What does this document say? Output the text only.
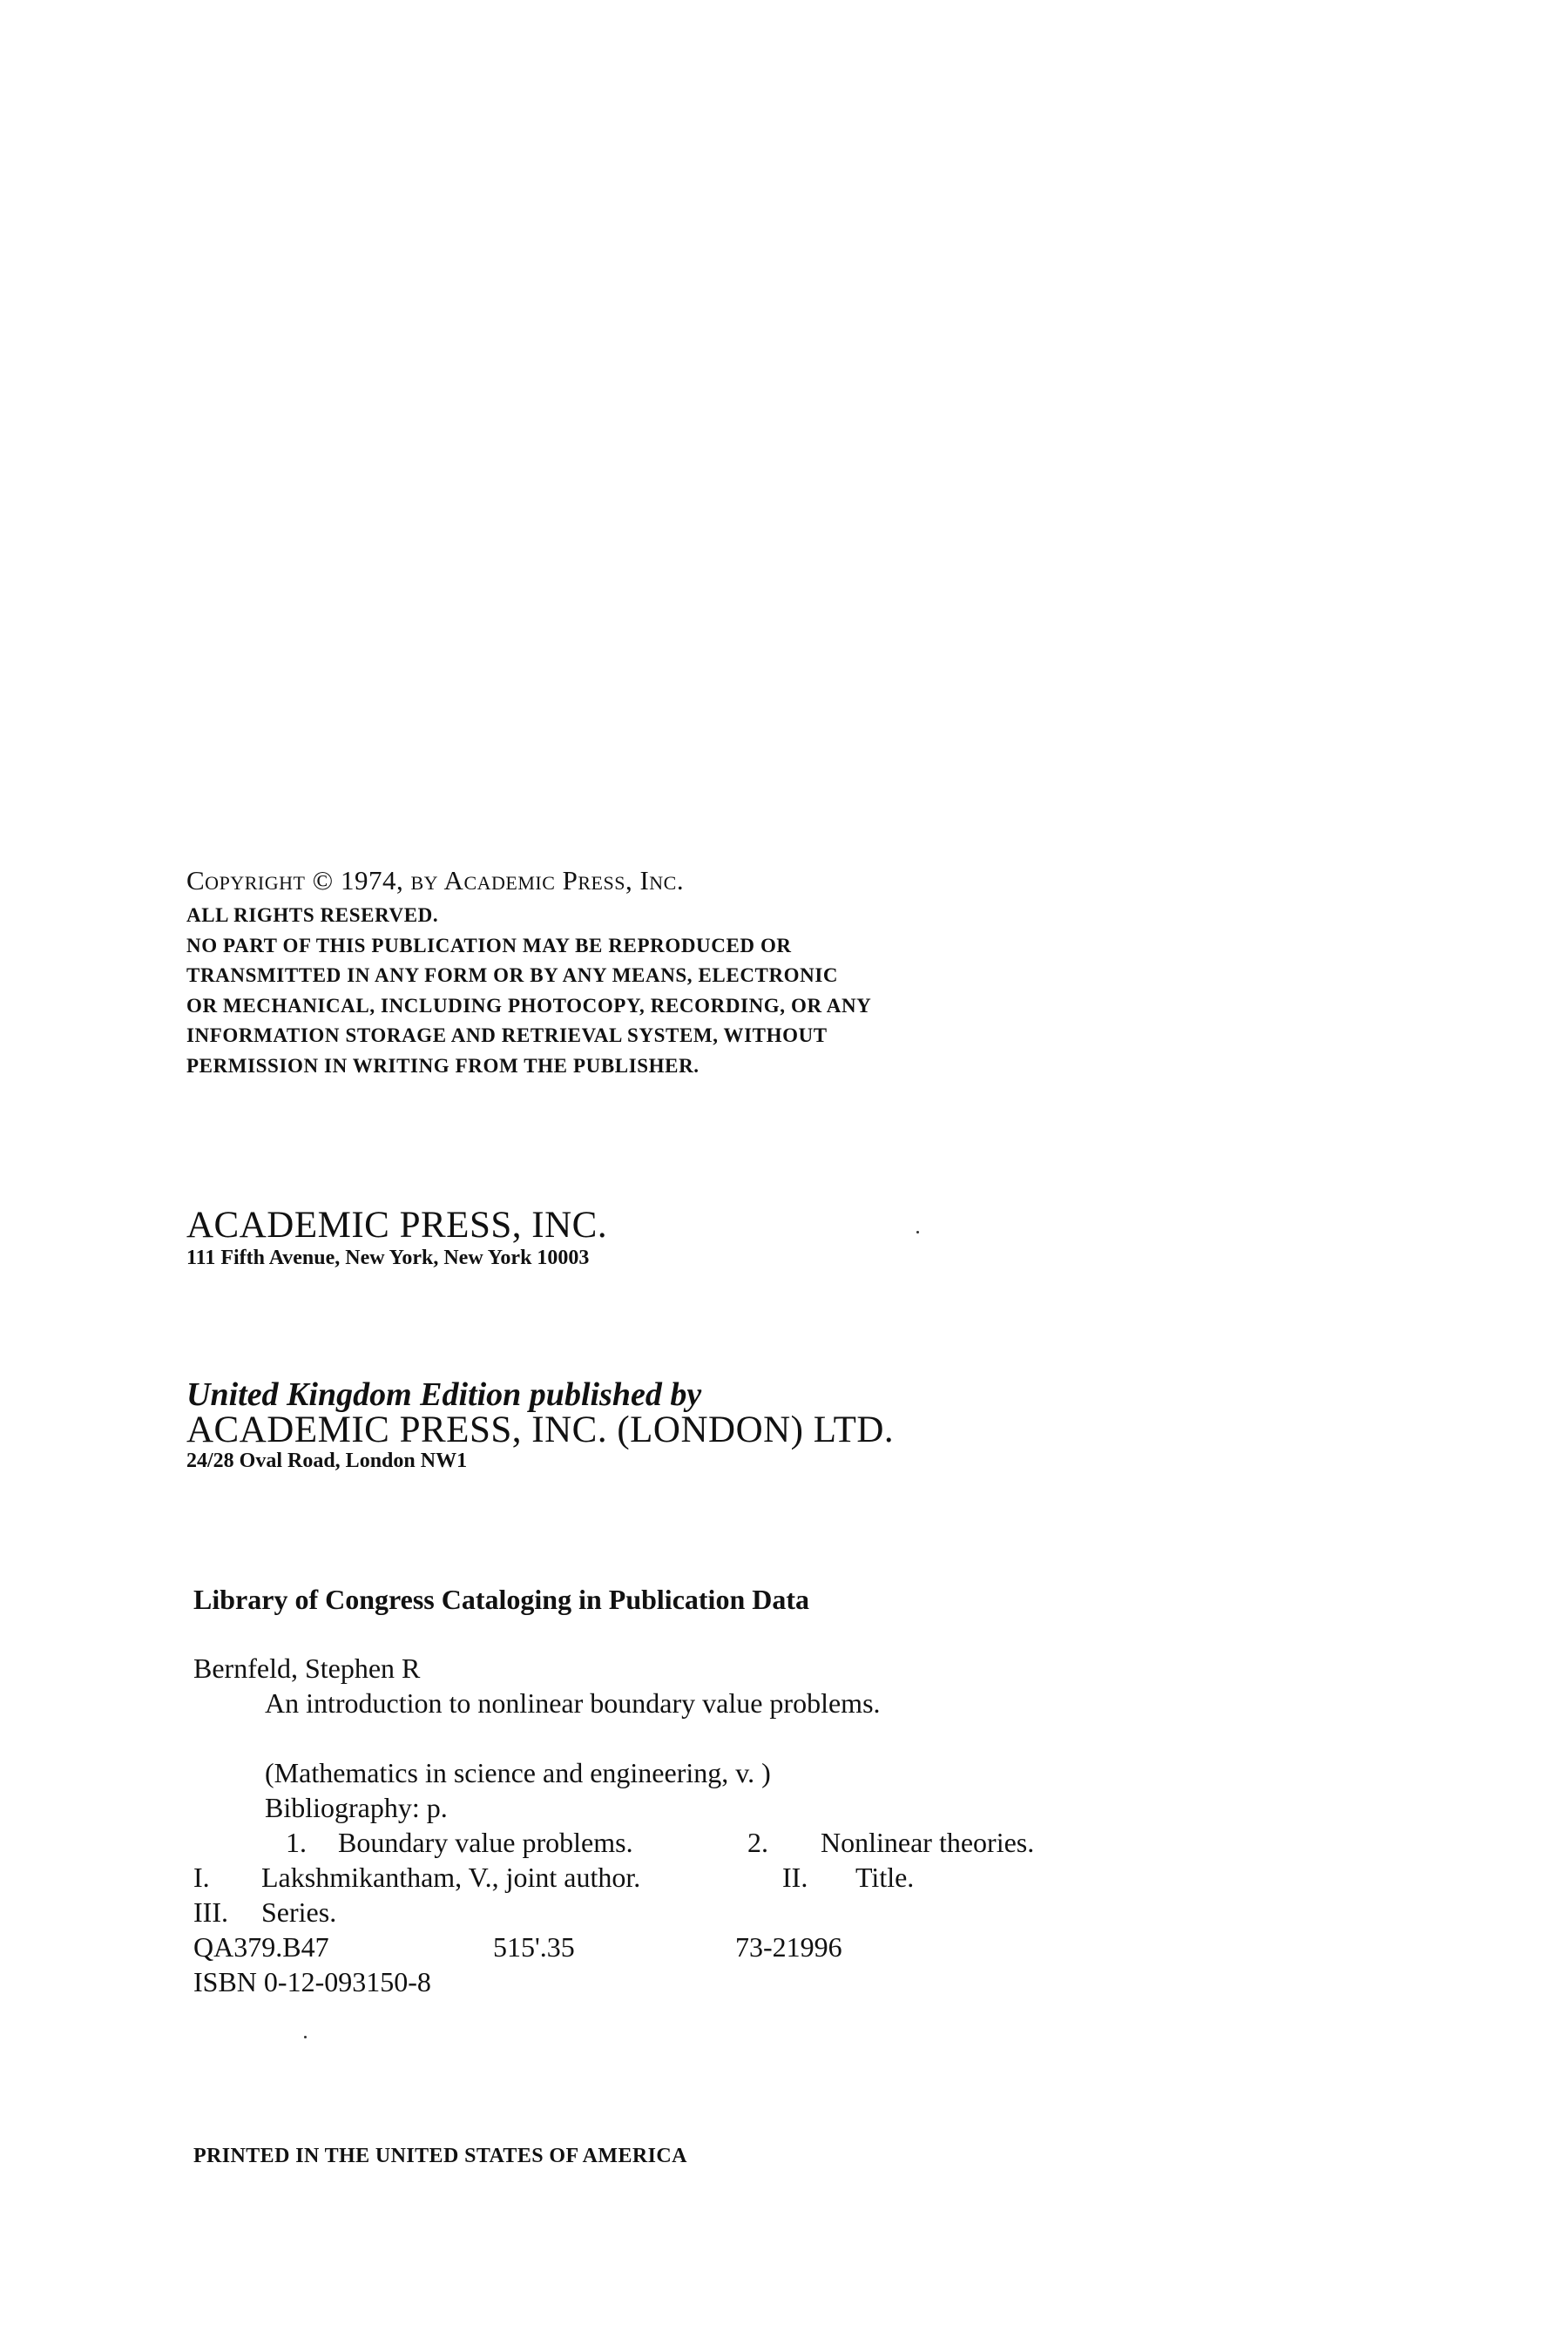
Copyright © 1974, by Academic Press, Inc.
ALL RIGHTS RESERVED.
NO PART OF THIS PUBLICATION MAY BE REPRODUCED OR
TRANSMITTED IN ANY FORM OR BY ANY MEANS, ELECTRONIC
OR MECHANICAL, INCLUDING PHOTOCOPY, RECORDING, OR ANY
INFORMATION STORAGE AND RETRIEVAL SYSTEM, WITHOUT
PERMISSION IN WRITING FROM THE PUBLISHER.
ACADEMIC PRESS, INC.
111 Fifth Avenue, New York, New York 10003
United Kingdom Edition published by
ACADEMIC PRESS, INC. (LONDON) LTD.
24/28 Oval Road, London NW1
Library of Congress Cataloging in Publication Data
Bernfeld, Stephen R
An introduction to nonlinear boundary value problems.
(Mathematics in science and engineering, v. )
Bibliography: p.
1. Boundary value problems.	2. Nonlinear theories.
I. Lakshmikantham, V., joint author.	II. Title.
III. Series.
QA379.B47	515'.35	73-21996
ISBN 0-12-093150-8
PRINTED IN THE UNITED STATES OF AMERICA
